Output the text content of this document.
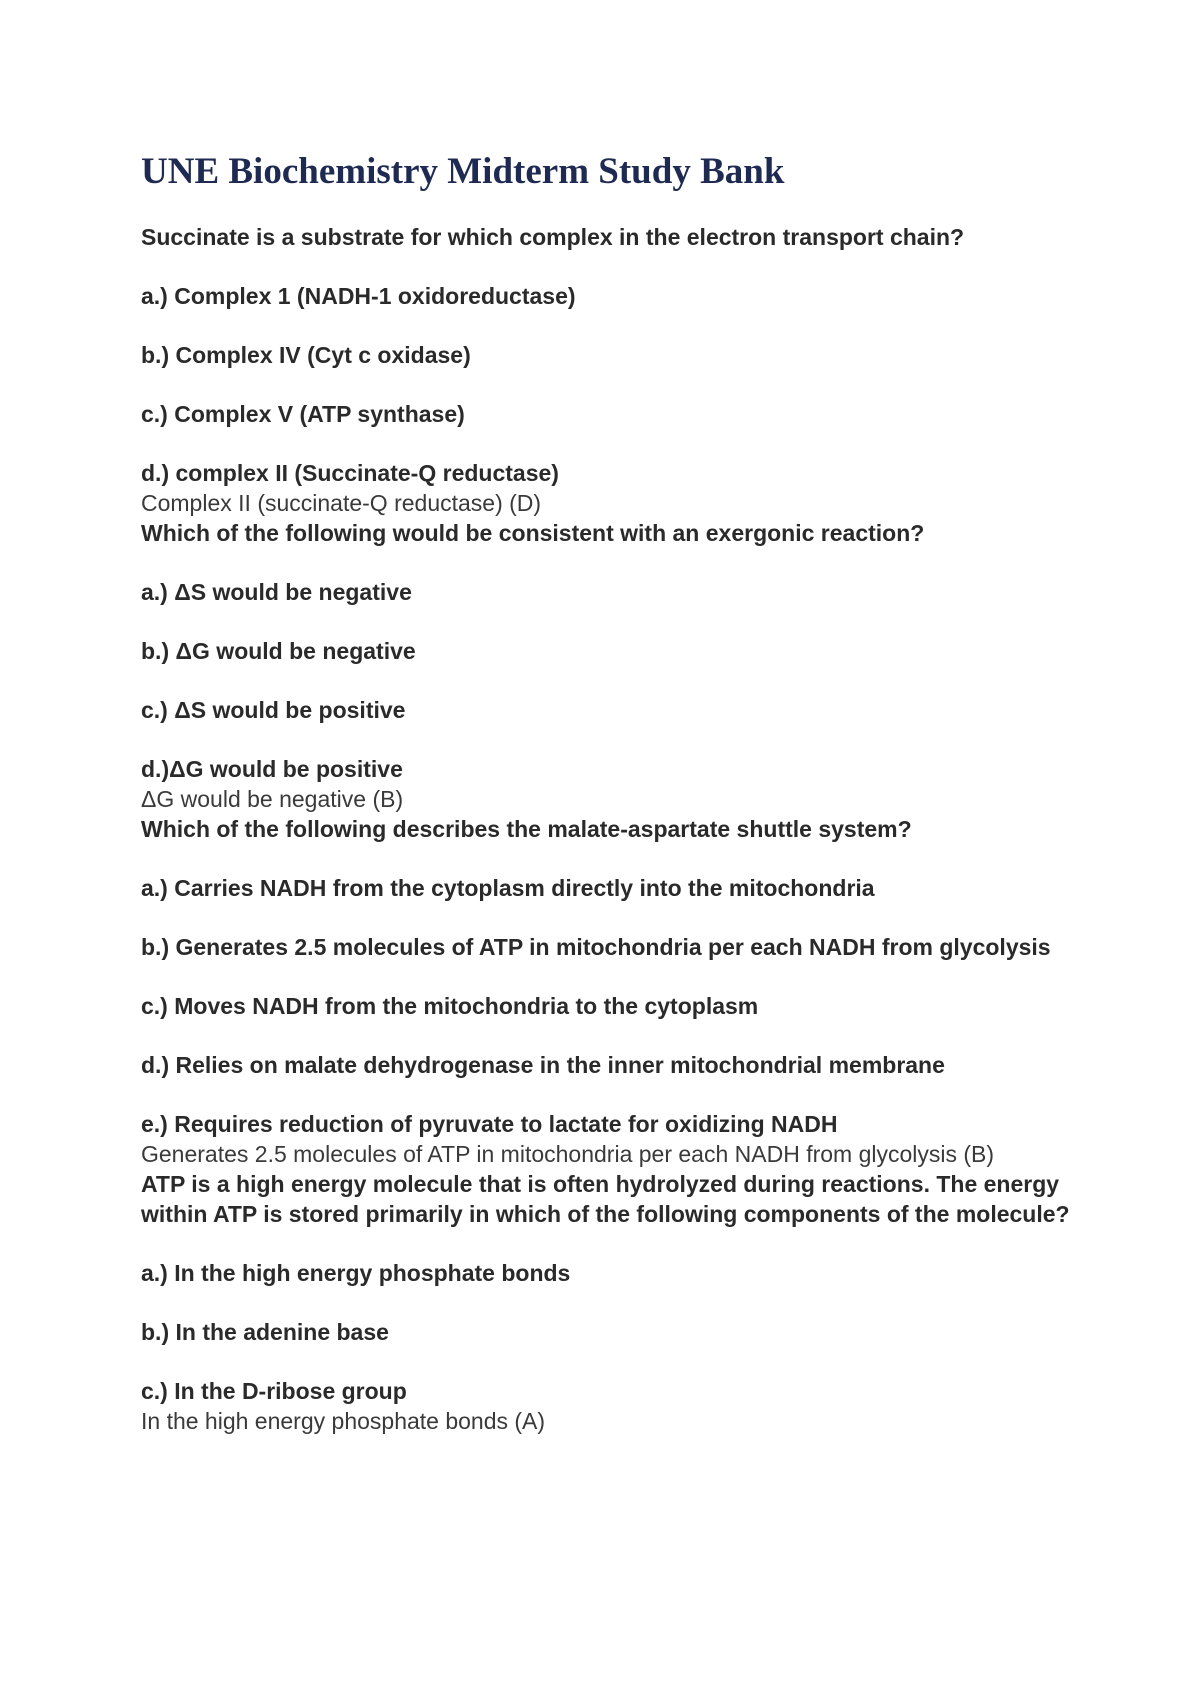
UNE Biochemistry Midterm Study Bank

Succinate is a substrate for which complex in the electron transport chain?

a.) Complex 1 (NADH-1 oxidoreductase)

b.) Complex IV (Cyt c oxidase)

c.) Complex V (ATP synthase)

d.) complex II (Succinate-Q reductase)

Complex II (succinate-Q reductase) (D)

Which of the following would be consistent with an exergonic reaction?

a.) ΔS would be negative

b.) ΔG would be negative

c.) ΔS would be positive

d.)ΔG would be positive

ΔG would be negative (B)

Which of the following describes the malate-aspartate shuttle system?

a.) Carries NADH from the cytoplasm directly into the mitochondria

b.) Generates 2.5 molecules of ATP in mitochondria per each NADH from glycolysis

c.) Moves NADH from the mitochondria to the cytoplasm

d.) Relies on malate dehydrogenase in the inner mitochondrial membrane

e.) Requires reduction of pyruvate to lactate for oxidizing NADH

Generates 2.5 molecules of ATP in mitochondria per each NADH from glycolysis (B)

ATP is a high energy molecule that is often hydrolyzed during reactions. The energy within ATP is stored primarily in which of the following components of the molecule?

a.) In the high energy phosphate bonds

b.) In the adenine base

c.) In the D-ribose group

In the high energy phosphate bonds (A)
